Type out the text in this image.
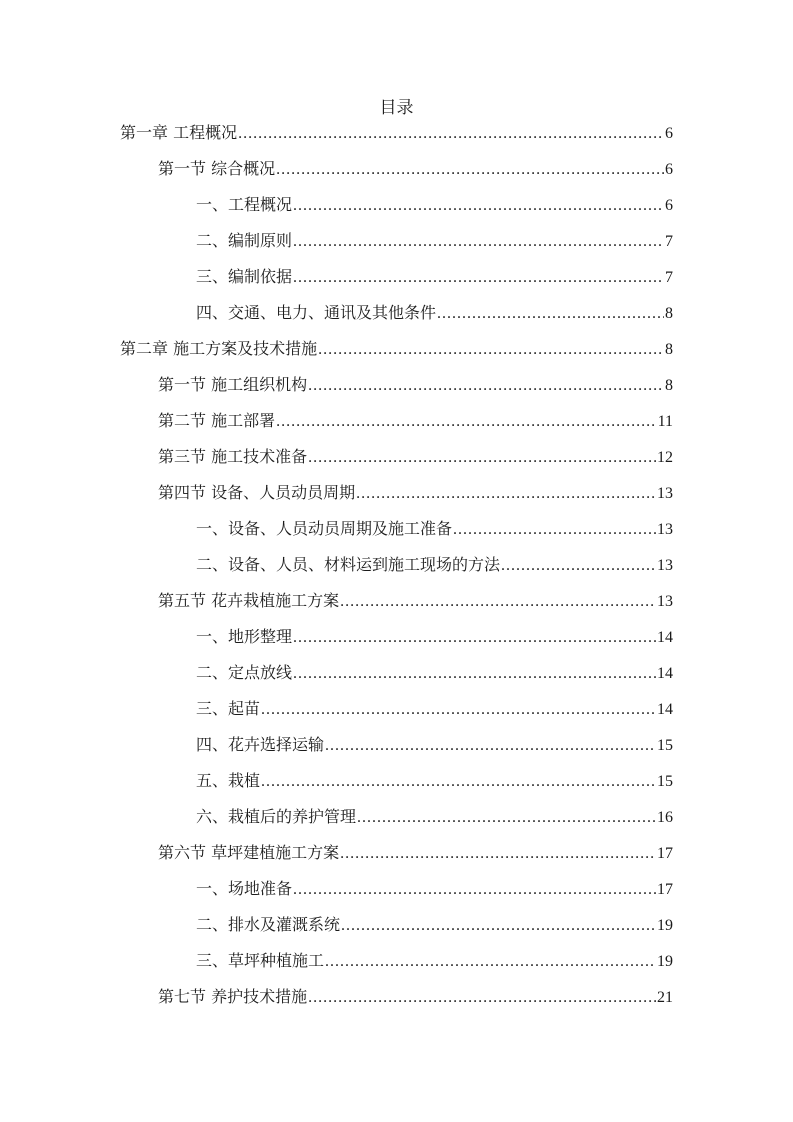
目录
第一章 工程概况 .....	6
第一节 综合概况 .....	6
一、工程概况 .....	6
二、编制原则 .....	7
三、编制依据 .....	7
四、交通、电力、通讯及其他条件 .....	8
第二章 施工方案及技术措施 .....	8
第一节 施工组织机构 .....	8
第二节 施工部署 .....	11
第三节 施工技术准备 .....	12
第四节 设备、人员动员周期 .....	13
一、设备、人员动员周期及施工准备 .....	13
二、设备、人员、材料运到施工现场的方法 .....	13
第五节 花卉栽植施工方案 .....	13
一、地形整理 .....	14
二、定点放线 .....	14
三、起苗 .....	14
四、花卉选择运输 .....	15
五、栽植 .....	15
六、栽植后的养护管理 .....	16
第六节 草坪建植施工方案 .....	17
一、场地准备 .....	17
二、排水及灌溉系统 .....	19
三、草坪种植施工 .....	19
第七节 养护技术措施 .....	21
